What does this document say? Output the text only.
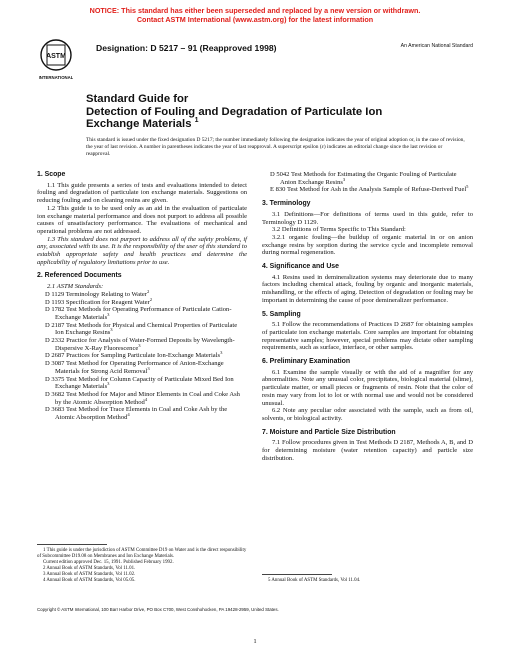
NOTICE: This standard has either been superseded and replaced by a new version or withdrawn.
Contact ASTM International (www.astm.org) for the latest information
ASTM
INTERNATIONAL
Designation: D 5217 – 91 (Reapproved 1998)	An American National Standard
Standard Guide for
Detection of Fouling and Degradation of Particulate Ion
Exchange Materials $^1$
This standard is issued under the fixed designation D 5217; the number immediately following the designation indicates the year of original adoption or, in the case of revision, the year of last revision. A number in parentheses indicates the year of last reapproval. A superscript epsilon (ε) indicates an editorial change since the last revision or reapproval.
1. Scope

1.1 This guide presents a series of tests and evaluations intended to detect fouling and degradation of particulate ion exchange materials. Suggestions on reducing fouling and on cleaning resins are given.

1.2 This guide is to be used only as an aid in the evaluation of particulate ion exchange material performance and does not purport to address all possible causes of unsatisfactory performance. The evaluations of mechanical and operational problems are not addressed.

1.3 This standard does not purport to address all of the safety problems, if any, associated with its use. It is the responsibility of the user of this standard to establish appropriate safety and health practices and determine the applicability of regulatory limitations prior to use.

2. Referenced Documents

2.1 ASTM Standards:

D 1129 Terminology Relating to Water$^2$

D 1193 Specification for Reagent Water$^2$

D 1782 Test Methods for Operating Performance of Particulate Cation-Exchange Materials$^3$

D 2187 Test Methods for Physical and Chemical Properties of Particulate Ion Exchange Resins$^3$

D 2332 Practice for Analysis of Water-Formed Deposits by Wavelength-Dispersive X-Ray Fluorescence$^3$

D 2687 Practices for Sampling Particulate Ion-Exchange Materials$^3$

D 3087 Test Method for Operating Performance of Anion-Exchange Materials for Strong Acid Removal$^3$

D 3375 Test Method for Column Capacity of Particulate Mixed Bed Ion Exchange Materials$^3$

D 3682 Test Method for Major and Minor Elements in Coal and Coke Ash by the Atomic Absorption Method$^4$

D 3683 Test Method for Trace Elements in Coal and Coke Ash by the Atomic Absorption Method$^4$

D 5042 Test Methods for Estimating the Organic Fouling of Particulate Anion Exchange Resins$^3$

E 830 Test Method for Ash in the Analysis Sample of Refuse-Derived Fuel$^5$

3. Terminology

3.1 Definitions—For definitions of terms used in this guide, refer to Terminology D 1129.

3.2 Definitions of Terms Specific to This Standard:

3.2.1 organic fouling—the buildup of organic material in or on anion exchange resins by sorption during the service cycle and incomplete removal during normal regeneration.

4. Significance and Use

4.1 Resins used in demineralization systems may deteriorate due to many factors including chemical attack, fouling by organic and inorganic materials, mishandling, or the effects of aging. Detection of degradation or fouling may be important in determining the cause of poor demineralizer performance.

5. Sampling

5.1 Follow the recommendations of Practices D 2687 for obtaining samples of particulate ion exchange materials. Core samples are important for obtaining representative samples; however, special problems may dictate other sampling requirements, such as surface, interface, or other samples.

6. Preliminary Examination

6.1 Examine the sample visually or with the aid of a magnifier for any abnormalities. Note any unusual color, precipitates, biological material (slime), particulate matter, or small pieces or fragments of resin. Note that the color of resin may vary from lot to lot or with normal use and would not be considered unusual.

6.2 Note any peculiar odor associated with the sample, such as from oil, solvents, or biological activity.

7. Moisture and Particle Size Distribution

7.1 Follow procedures given in Test Methods D 2187, Methods A, B, and D for determining moisture (water retention capacity) and particle size distribution.

1 This guide is under the jurisdiction of ASTM Committee D19 on Water and is the direct responsibility of Subcommittee D19.08 on Membranes and Ion Exchange Materials.

Current edition approved Dec. 15, 1991. Published February 1992.

2 Annual Book of ASTM Standards, Vol 11.01.

3 Annual Book of ASTM Standards, Vol 11.02.

4 Annual Book of ASTM Standards, Vol 05.05.	5 Annual Book of ASTM Standards, Vol 11.04.

Copyright © ASTM International, 100 Barr Harbor Drive, PO Box C700, West Conshohocken, PA 19428-2959, United States.
1
